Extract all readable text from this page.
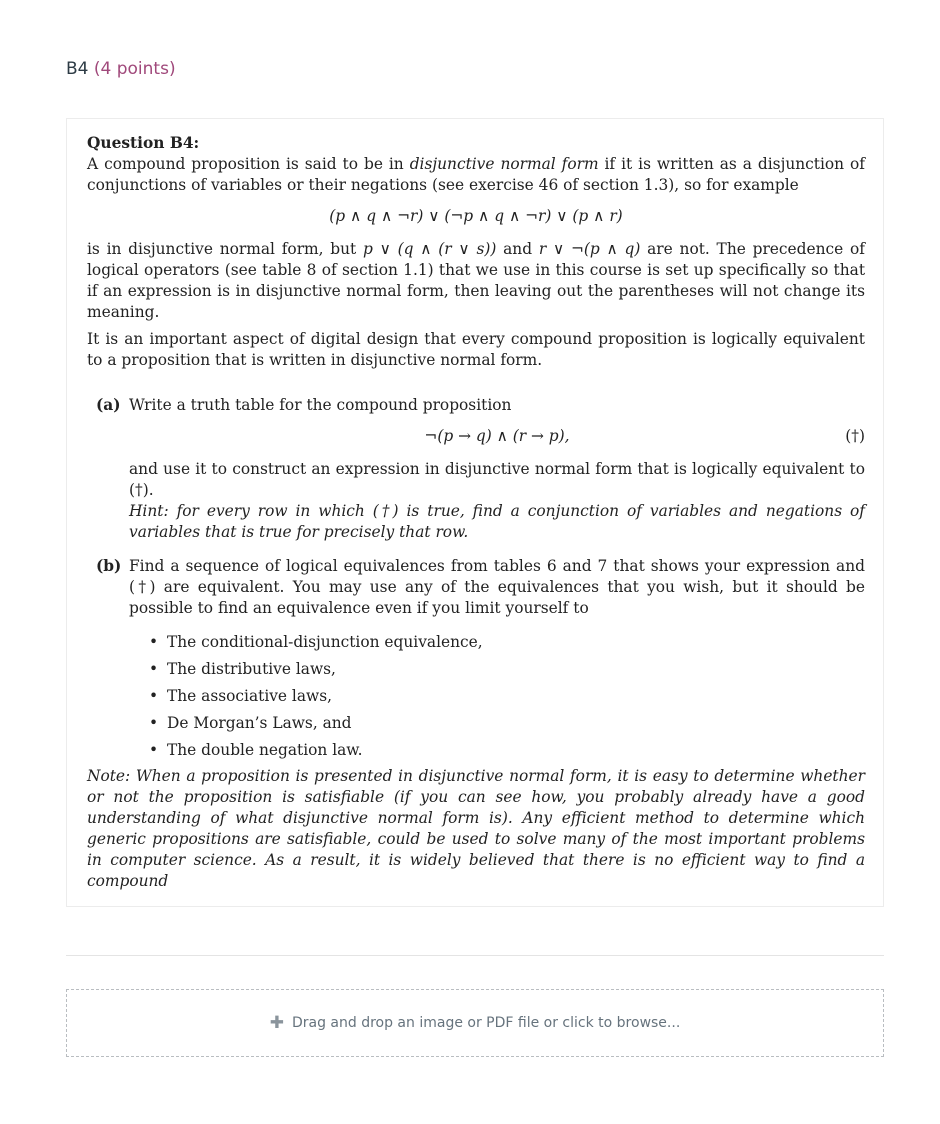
B4 (4 points)
Question B4:

A compound proposition is said to be in disjunctive normal form if it is written as a disjunction of conjunctions of variables or their negations (see exercise 46 of section 1.3), so for example

(p ∧ q ∧ ¬r) ∨ (¬p ∧ q ∧ ¬r) ∨ (p ∧ r)

is in disjunctive normal form, but p ∨ (q ∧ (r ∨ s)) and r ∨ ¬(p ∧ q) are not. The precedence of logical operators (see table 8 of section 1.1) that we use in this course is set up specifically so that if an expression is in disjunctive normal form, then leaving out the parentheses will not change its meaning.

It is an important aspect of digital design that every compound proposition is logically equivalent to a proposition that is written in disjunctive normal form.

(a) Write a truth table for the compound proposition

¬(p → q) ∧ (r → p),	(†)

and use it to construct an expression in disjunctive normal form that is logically equivalent to (†).

Hint: for every row in which (†) is true, find a conjunction of variables and negations of variables that is true for precisely that row.

(b) Find a sequence of logical equivalences from tables 6 and 7 that shows your expression and (†) are equivalent. You may use any of the equivalences that you wish, but it should be possible to find an equivalence even if you limit yourself to

• The conditional-disjunction equivalence,
• The distributive laws,
• The associative laws,
• De Morgan’s Laws, and
• The double negation law.

Note: When a proposition is presented in disjunctive normal form, it is easy to determine whether or not the proposition is satisfiable (if you can see how, you probably already have a good understanding of what disjunctive normal form is). Any efficient method to determine which generic propositions are satisfiable, could be used to solve many of the most important problems in computer science. As a result, it is widely believed that there is no efficient way to find a compound

✚ Drag and drop an image or PDF file or click to browse...
